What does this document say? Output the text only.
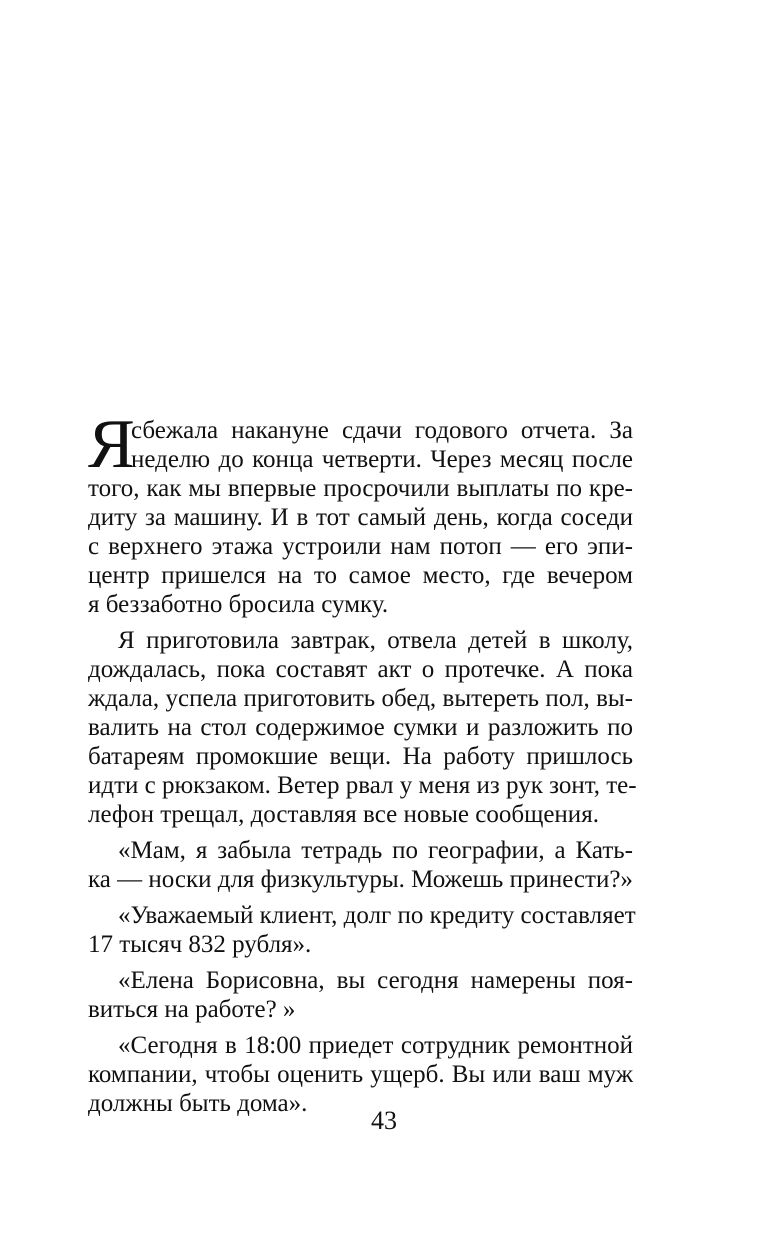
Я
сбежала накануне сдачи годового отчета. За
неделю до конца четверти. Через месяц после
того, как мы впервые просрочили выплаты по кре-
диту за машину. И в тот самый день, когда соседи
с верхнего этажа устроили нам потоп — его эпи-
центр пришелся на то самое место, где вечером
я беззаботно бросила сумку.
Я приготовила завтрак, отвела детей в школу,
дождалась, пока составят акт о протечке. А пока
ждала, успела приготовить обед, вытереть пол, вы-
валить на стол содержимое сумки и разложить по
батареям промокшие вещи. На работу пришлось
идти с рюкзаком. Ветер рвал у меня из рук зонт, те-
лефон трещал, доставляя все новые сообщения.
«Мам, я забыла тетрадь по географии, а Кать-
ка — носки для физкультуры. Можешь принести?»
«Уважаемый клиент, долг по кредиту составляет
17 тысяч 832 рубля».
«Елена Борисовна, вы сегодня намерены поя-
виться на работе? »
«Сегодня в 18:00 приедет сотрудник ремонтной
компании, чтобы оценить ущерб. Вы или ваш муж
должны быть дома».
43
